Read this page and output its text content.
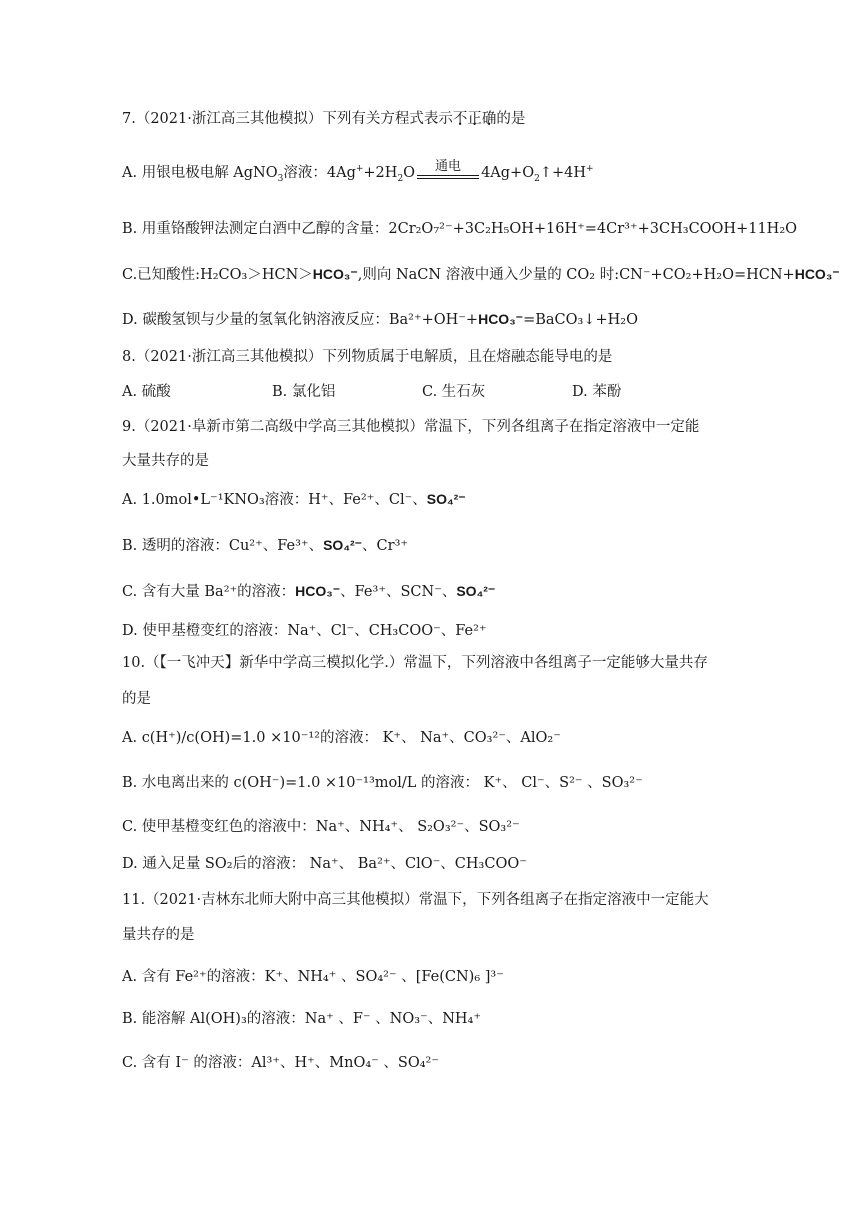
7.（2021·浙江高三其他模拟）下列有关方程式表示不正确的是
A. 用银电极电解 AgNO$_3$溶液：$4Ag^++2H_2O$	通电	$4Ag+O_2↑+4H^+$
B. 用重铬酸钾法测定白酒中乙醇的含量：2Cr₂O₇²⁻+3C₂H₅OH+16H⁺=4Cr³⁺+3CH₃COOH+11H₂O
C.已知酸性:H₂CO₃＞HCN＞HCO₃⁻,则向 NaCN 溶液中通入少量的 CO₂ 时:CN⁻+CO₂+H₂O=HCN+HCO₃⁻
D. 碳酸氢钡与少量的氢氧化钠溶液反应：Ba²⁺+OH⁻+HCO₃⁻=BaCO₃↓+H₂O
8.（2021·浙江高三其他模拟）下列物质属于电解质，且在熔融态能导电的是
A. 硫酸	B. 氯化铝	C. 生石灰	D. 苯酚
9.（2021·阜新市第二高级中学高三其他模拟）常温下，下列各组离子在指定溶液中一定能
大量共存的是
A. 1.0mol•L⁻¹KNO₃溶液：H⁺、Fe²⁺、Cl⁻、SO₄²⁻
B. 透明的溶液：Cu²⁺、Fe³⁺、SO₄²⁻、Cr³⁺
C. 含有大量 Ba²⁺的溶液：HCO₃⁻、Fe³⁺、SCN⁻、SO₄²⁻
D. 使甲基橙变红的溶液：Na⁺、Cl⁻、CH₃COO⁻、Fe²⁺
10.（【一飞冲天】新华中学高三模拟化学.）常温下，下列溶液中各组离子一定能够大量共存
的是
A. c(H⁺)/c(OH)=1.0 ×10⁻¹²的溶液： K⁺、 Na⁺、CO₃²⁻、AlO₂⁻
B. 水电离出来的 c(OH⁻)=1.0 ×10⁻¹³mol/L 的溶液： K⁺、 Cl⁻、S²⁻ 、SO₃²⁻
C. 使甲基橙变红色的溶液中：Na⁺、NH₄⁺、 S₂O₃²⁻、SO₃²⁻
D. 通入足量 SO₂后的溶液： Na⁺、 Ba²⁺、ClO⁻、CH₃COO⁻
11.（2021·吉林东北师大附中高三其他模拟）常温下，下列各组离子在指定溶液中一定能大
量共存的是
A. 含有 Fe²⁺的溶液：K⁺、NH₄⁺ 、SO₄²⁻ 、[Fe(CN)₆ ]³⁻
B. 能溶解 Al(OH)₃的溶液：Na⁺ 、F⁻ 、NO₃⁻、NH₄⁺
C. 含有 I⁻ 的溶液：Al³⁺、H⁺、MnO₄⁻ 、SO₄²⁻
